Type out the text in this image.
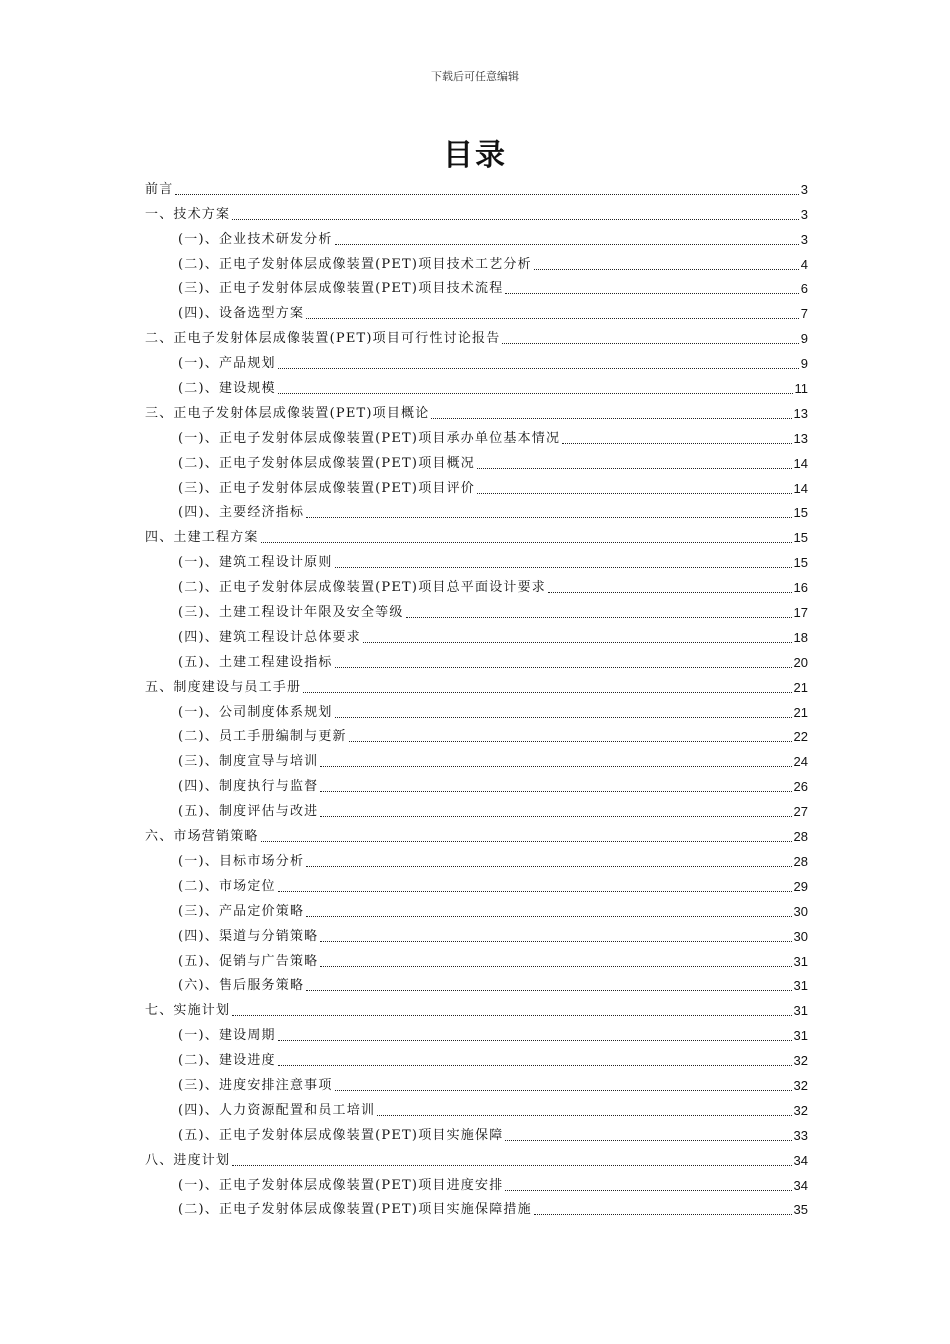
下载后可任意编辑
目录
前言	3
一、技术方案	3
(一)、企业技术研发分析	3
(二)、正电子发射体层成像装置(PET)项目技术工艺分析	4
(三)、正电子发射体层成像装置(PET)项目技术流程	6
(四)、设备选型方案	7
二、正电子发射体层成像装置(PET)项目可行性讨论报告	9
(一)、产品规划	9
(二)、建设规模	11
三、正电子发射体层成像装置(PET)项目概论	13
(一)、正电子发射体层成像装置(PET)项目承办单位基本情况	13
(二)、正电子发射体层成像装置(PET)项目概况	14
(三)、正电子发射体层成像装置(PET)项目评价	14
(四)、主要经济指标	15
四、土建工程方案	15
(一)、建筑工程设计原则	15
(二)、正电子发射体层成像装置(PET)项目总平面设计要求	16
(三)、土建工程设计年限及安全等级	17
(四)、建筑工程设计总体要求	18
(五)、土建工程建设指标	20
五、制度建设与员工手册	21
(一)、公司制度体系规划	21
(二)、员工手册编制与更新	22
(三)、制度宣导与培训	24
(四)、制度执行与监督	26
(五)、制度评估与改进	27
六、市场营销策略	28
(一)、目标市场分析	28
(二)、市场定位	29
(三)、产品定价策略	30
(四)、渠道与分销策略	30
(五)、促销与广告策略	31
(六)、售后服务策略	31
七、实施计划	31
(一)、建设周期	31
(二)、建设进度	32
(三)、进度安排注意事项	32
(四)、人力资源配置和员工培训	32
(五)、正电子发射体层成像装置(PET)项目实施保障	33
八、进度计划	34
(一)、正电子发射体层成像装置(PET)项目进度安排	34
(二)、正电子发射体层成像装置(PET)项目实施保障措施	35
